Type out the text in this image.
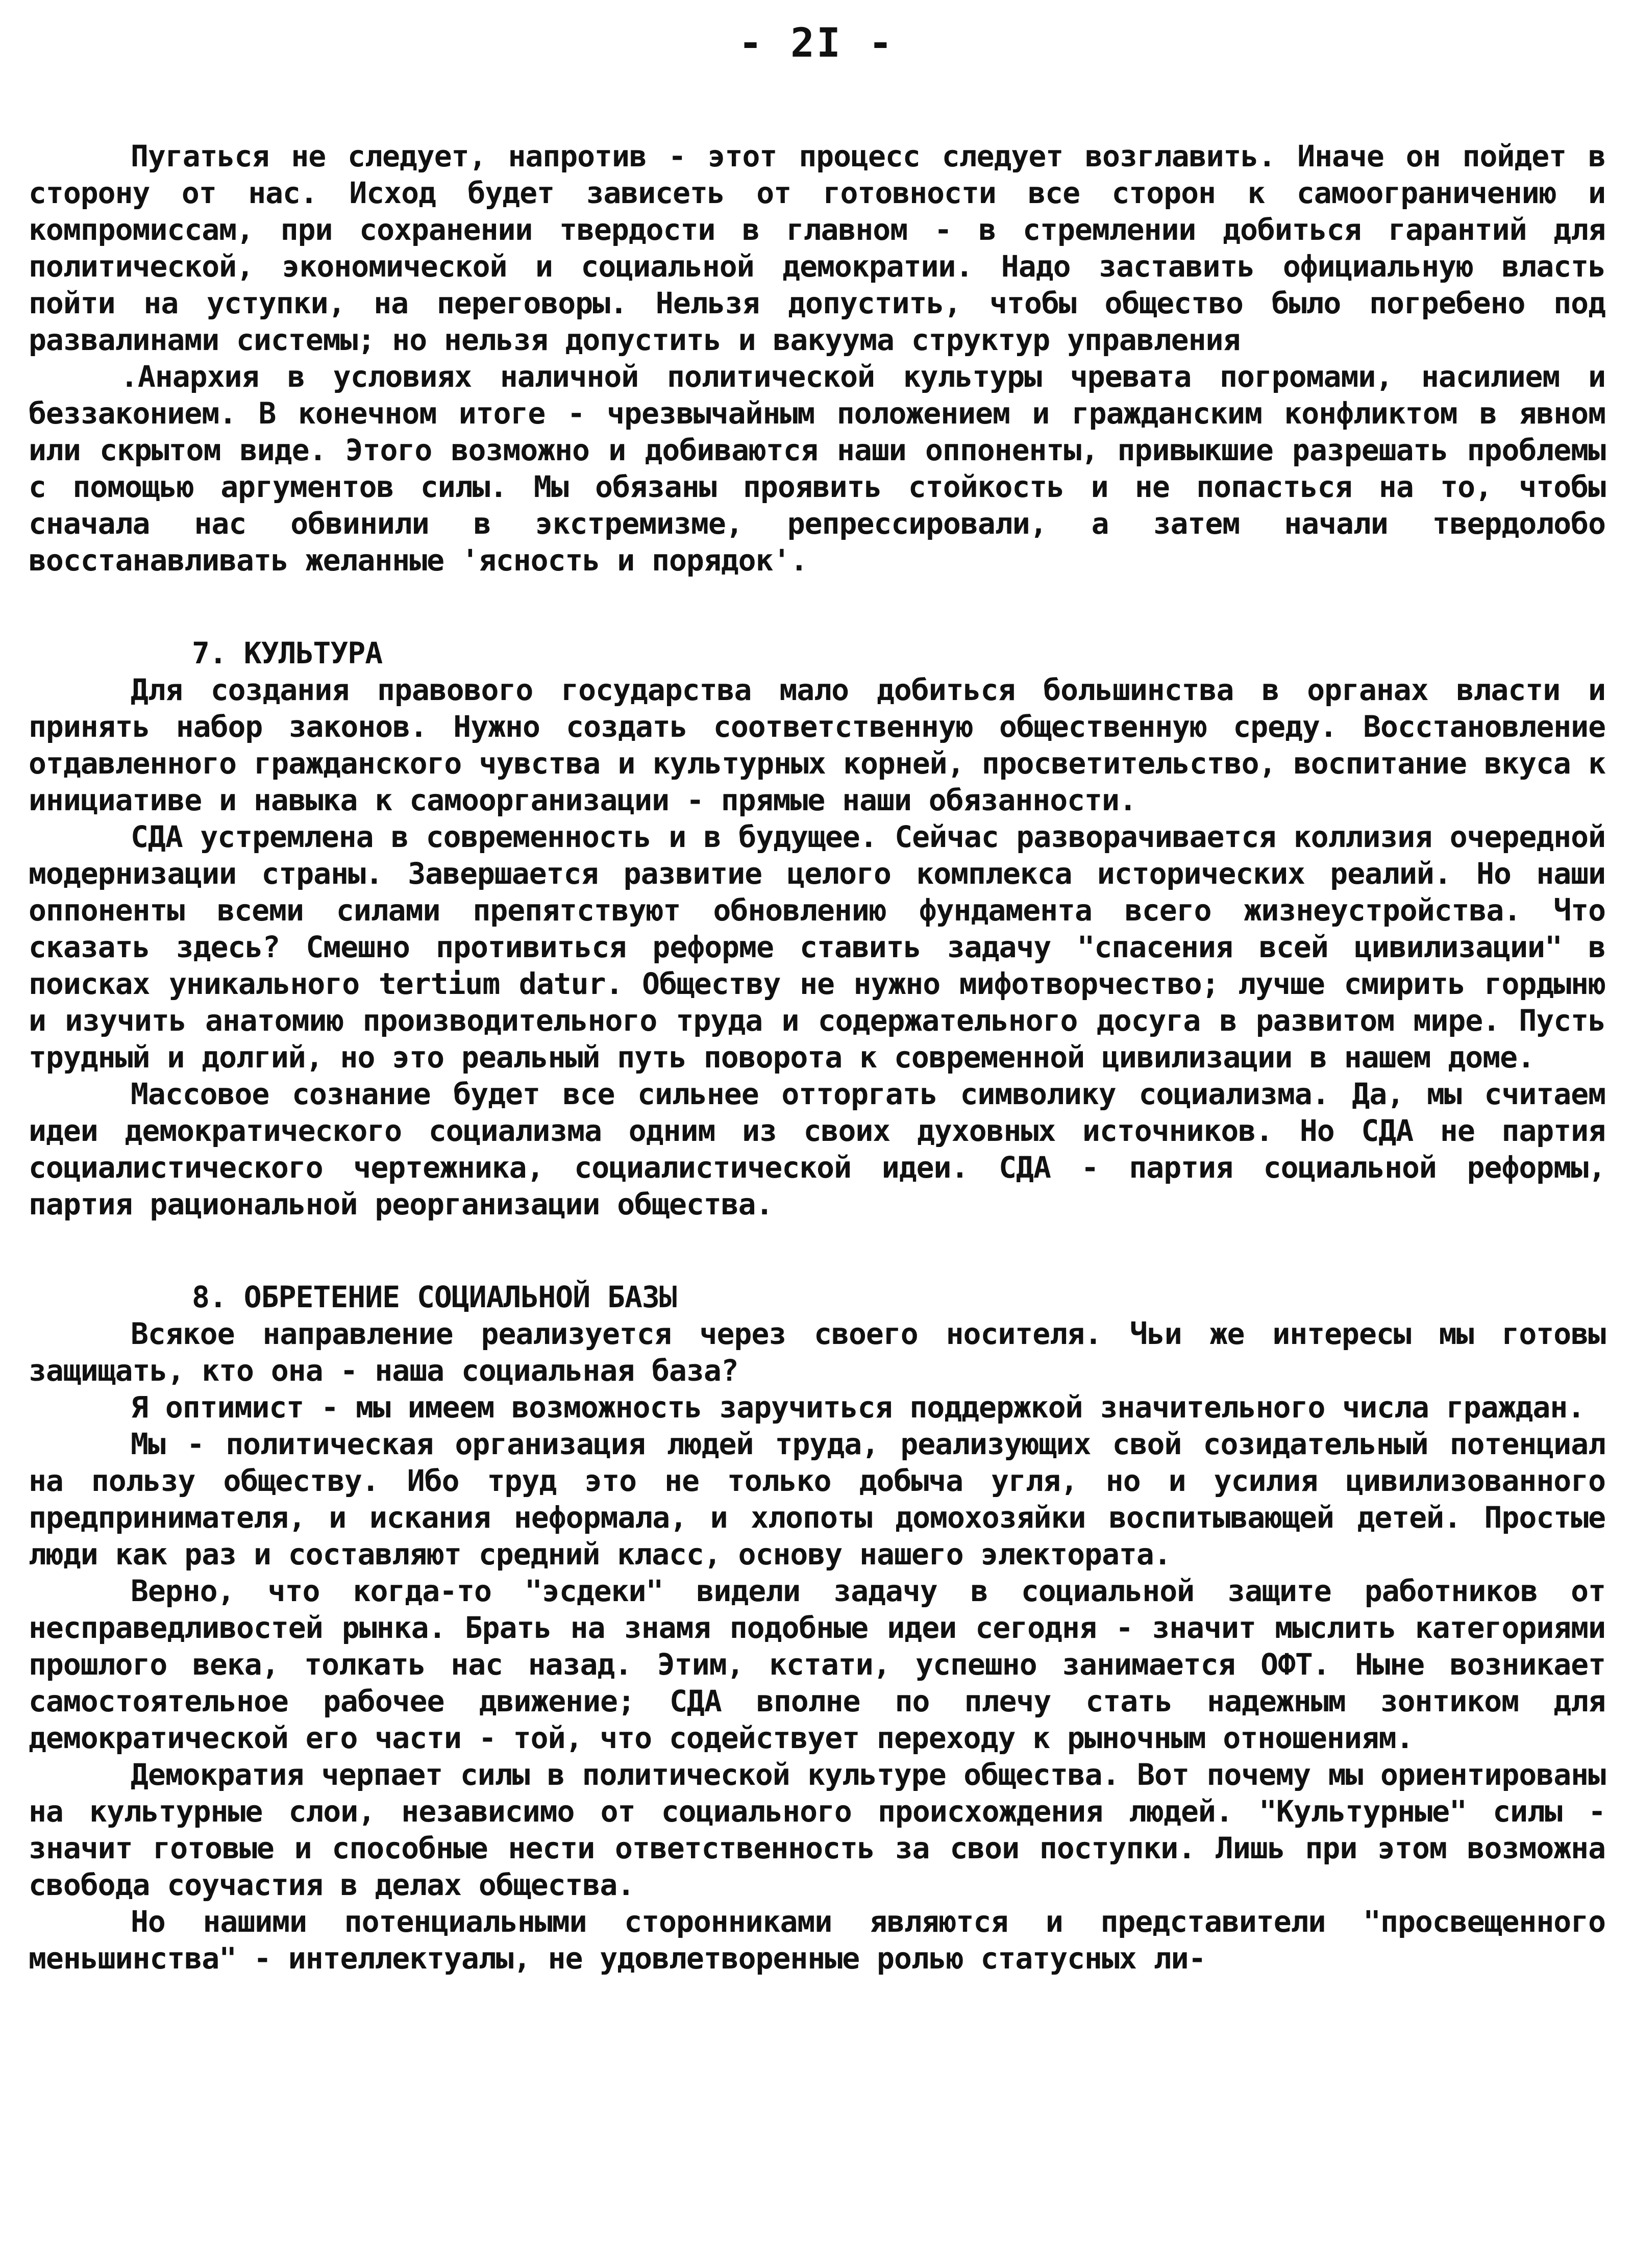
- 2I -

Пугаться не следует, напротив - этот процесс следует возглавить. Иначе он пойдет в сторону от нас. Исход будет зависеть от готовности все сторон к самоограничению и компромиссам, при сохранении твердости в главном - в стремлении добиться гарантий для политической, экономической и социальной демократии. Надо заставить официальную власть пойти на уступки, на переговоры. Нельзя допустить, чтобы общество было погребено под развалинами системы; но нельзя допустить и вакуума структур управления

.Анархия в условиях наличной политической культуры чревата погромами, насилием и беззаконием. В конечном итоге - чрезвычайным положением и гражданским конфликтом в явном или скрытом виде. Этого возможно и добиваются наши оппоненты, привыкшие разрешать проблемы с помощью аргументов силы. Мы обязаны проявить стойкость и не попасться на то, чтобы сначала нас обвинили в экстремизме, репрессировали, а затем начали твердолобо восстанавливать желанные 'ясность и порядок'.

7. КУЛЬТУРА

Для создания правового государства мало добиться большинства в органах власти и принять набор законов. Нужно создать соответственную общественную среду. Восстановление отдавленного гражданского чувства и культурных корней, просветительство, воспитание вкуса к инициативе и навыка к самоорганизации - прямые наши обязанности.

СДА устремлена в современность и в будущее. Сейчас разворачивается коллизия очередной модернизации страны. Завершается развитие целого комплекса исторических реалий. Но наши оппоненты всеми силами препятствуют обновлению фундамента всего жизнеустройства. Что сказать здесь? Смешно противиться реформе ставить задачу "спасения всей цивилизации" в поисках уникального tertium datur. Обществу не нужно мифотворчество; лучше смирить гордыню и изучить анатомию производительного труда и содержательного досуга в развитом мире. Пусть трудный и долгий, но это реальный путь поворота к современной цивилизации в нашем доме.

Массовое сознание будет все сильнее отторгать символику социализма. Да, мы считаем идеи демократического социализма одним из своих духовных источников. Но СДА не партия социалистического чертежника, социалистической идеи. СДА - партия социальной реформы, партия рациональной реорганизации общества.

8. ОБРЕТЕНИЕ СОЦИАЛЬНОЙ БАЗЫ

Всякое направление реализуется через своего носителя. Чьи же интересы мы готовы защищать, кто она - наша социальная база?

Я оптимист - мы имеем возможность заручиться поддержкой значительного числа граждан.

Мы - политическая организация людей труда, реализующих свой созидательный потенциал на пользу обществу. Ибо труд это не только добыча угля, но и усилия цивилизованного предпринимателя, и искания неформала, и хлопоты домохозяйки воспитывающей детей. Простые люди как раз и составляют средний класс, основу нашего электората.

Верно, что когда-то "эсдеки" видели задачу в социальной защите работников от несправедливостей рынка. Брать на знамя подобные идеи сегодня - значит мыслить категориями прошлого века, толкать нас назад. Этим, кстати, успешно занимается ОФТ. Ныне возникает самостоятельное рабочее движение; СДА вполне по плечу стать надежным зонтиком для демократической его части - той, что содействует переходу к рыночным отношениям.

Демократия черпает силы в политической культуре общества. Вот почему мы ориентированы на культурные слои, независимо от социального происхождения людей. "Культурные" силы - значит готовые и способные нести ответственность за свои поступки. Лишь при этом возможна свобода соучастия в делах общества.

Но нашими потенциальными сторонниками являются и представители "просвещенного меньшинства" - интеллектуалы, не удовлетворенные ролью статусных ли-
